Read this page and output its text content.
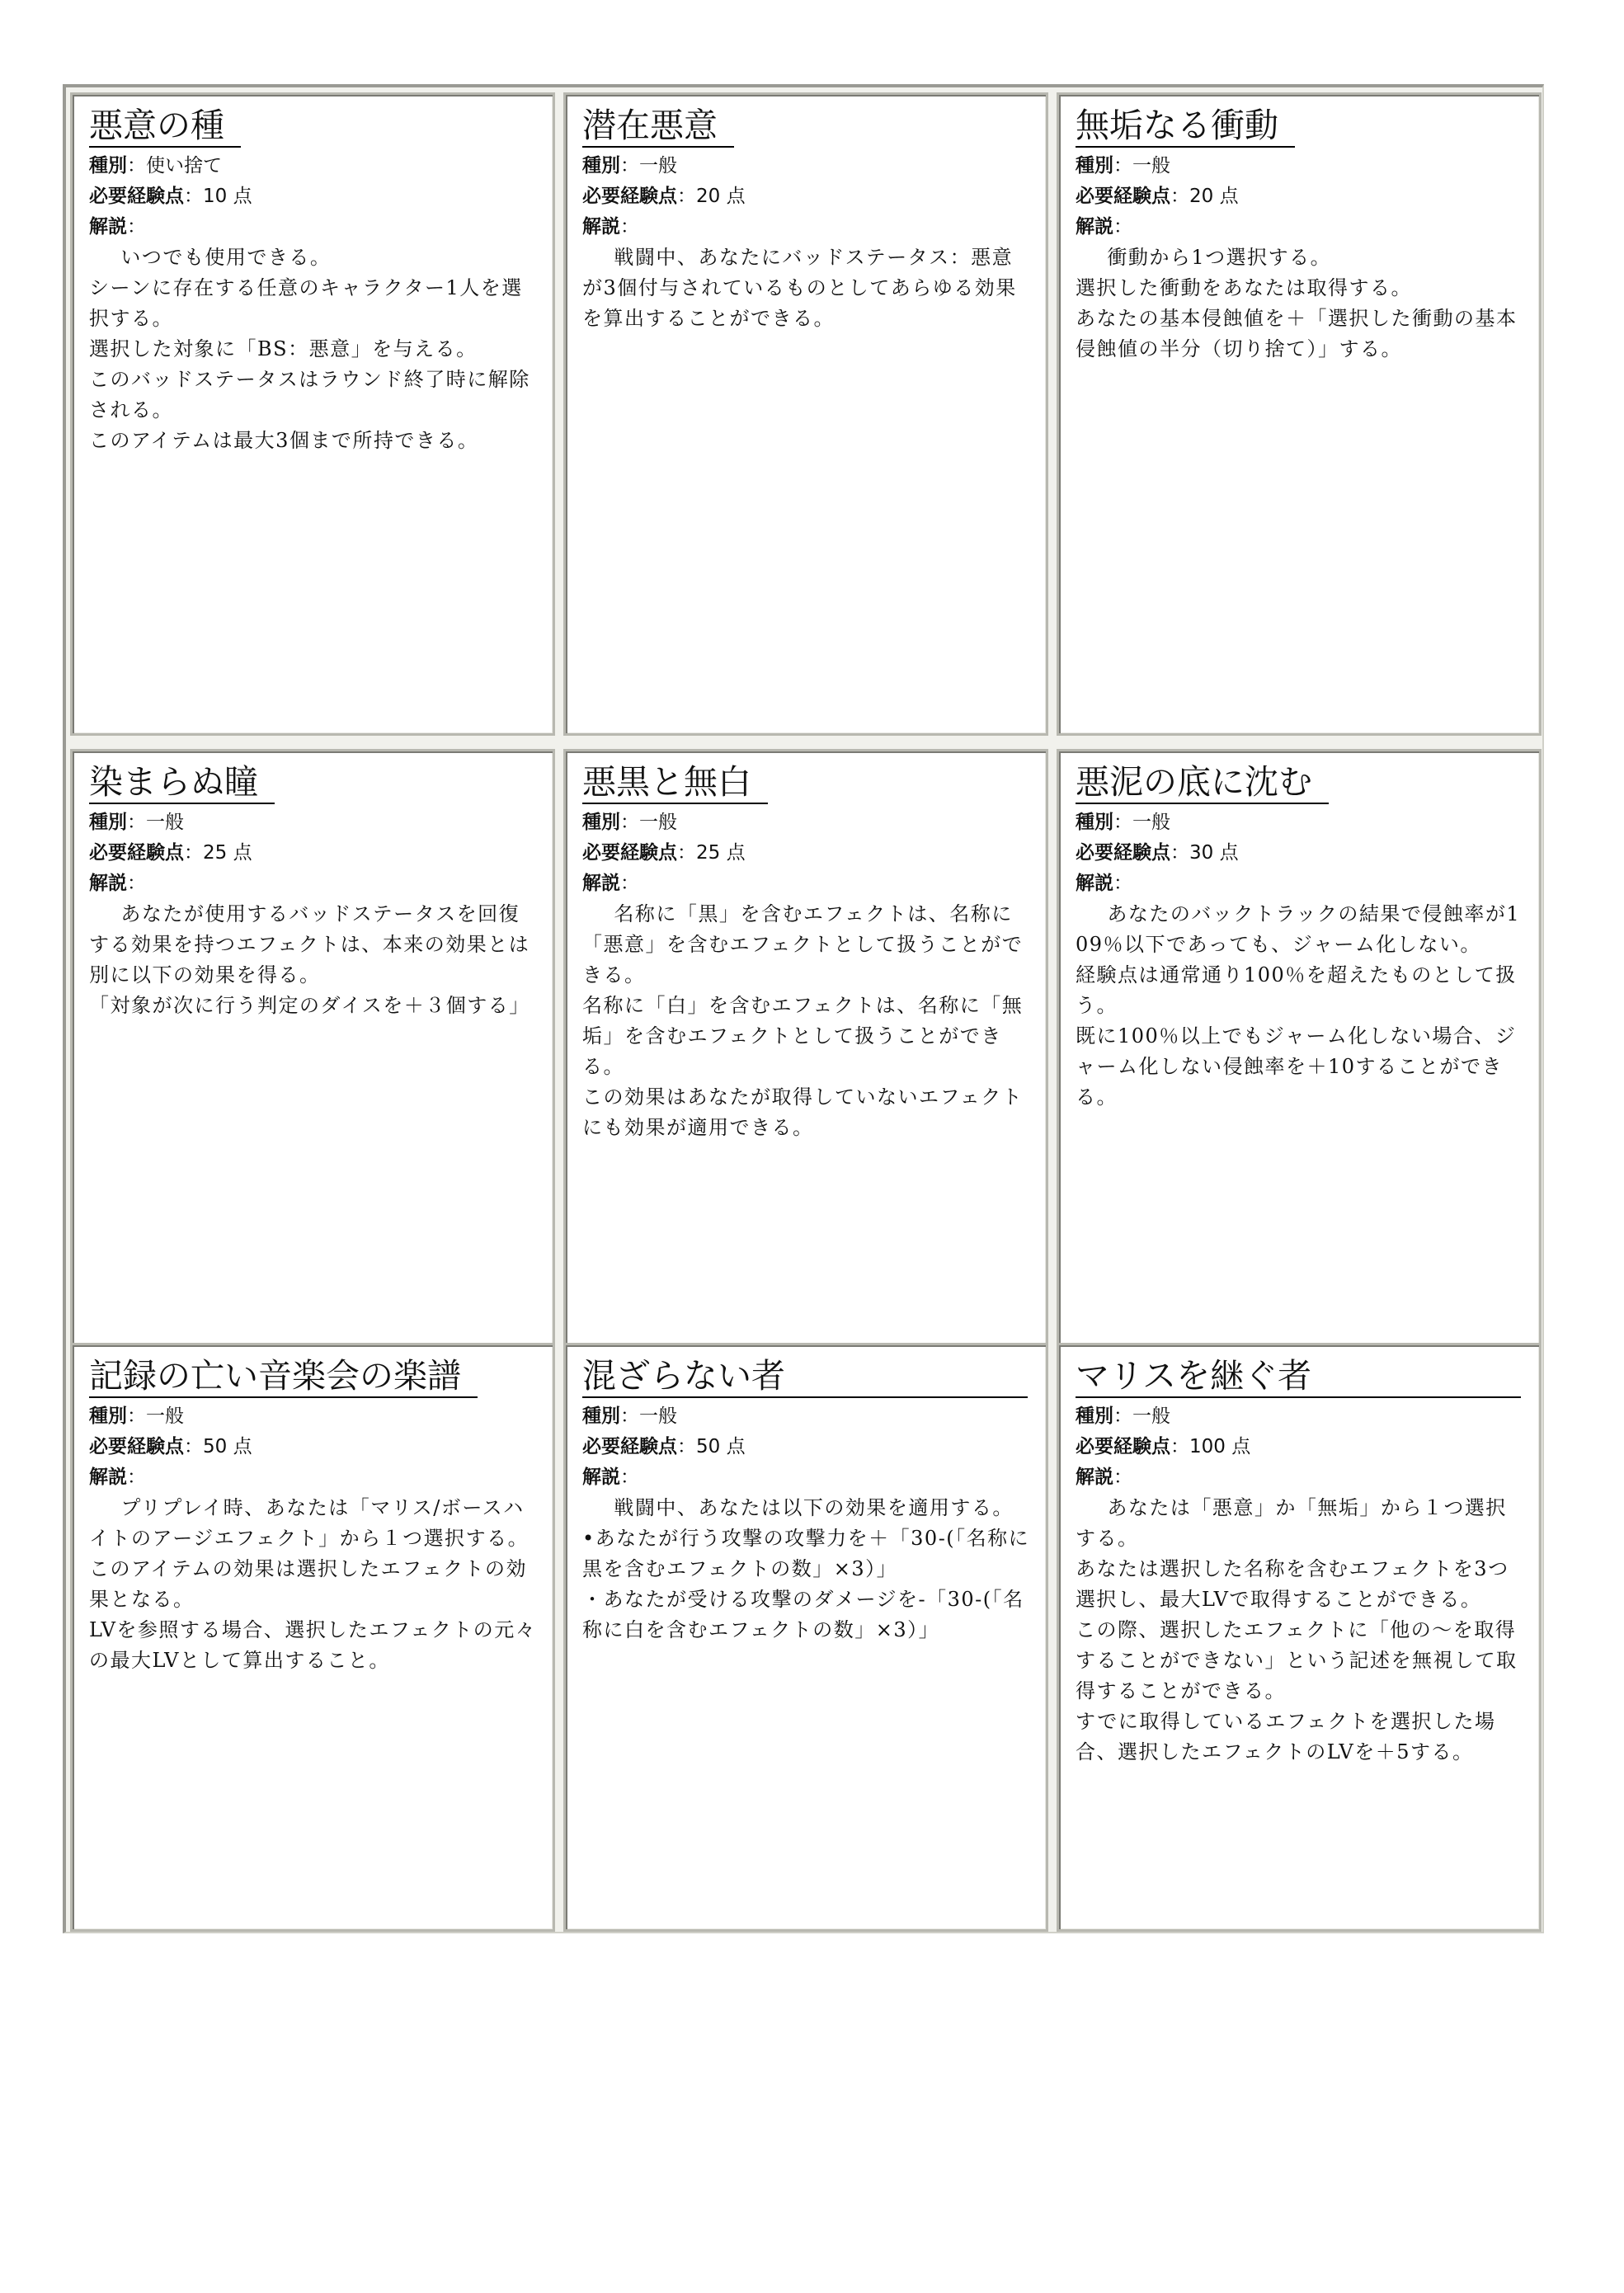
悪意の種
種別：使い捨て
必要経験点：10 点
解説：

いつでも使用できる。

シーンに存在する任意のキャラクター1人を選択する。

選択した対象に「BS：悪意」を与える。

このバッドステータスはラウンド終了時に解除される。

このアイテムは最大3個まで所持できる。

潜在悪意
種別：一般
必要経験点：20 点
解説：

戦闘中、あなたにバッドステータス：悪意が3個付与されているものとしてあらゆる効果を算出することができる。

無垢なる衝動
種別：一般
必要経験点：20 点
解説：

衝動から1つ選択する。

選択した衝動をあなたは取得する。

あなたの基本侵蝕値を＋「選択した衝動の基本侵蝕値の半分（切り捨て）」する。

染まらぬ瞳
種別：一般
必要経験点：25 点
解説：

あなたが使用するバッドステータスを回復する効果を持つエフェクトは、本来の効果とは別に以下の効果を得る。

「対象が次に行う判定のダイスを＋３個する」

悪黒と無白
種別：一般
必要経験点：25 点
解説：

名称に「黒」を含むエフェクトは、名称に「悪意」を含むエフェクトとして扱うことができる。

名称に「白」を含むエフェクトは、名称に「無垢」を含むエフェクトとして扱うことができる。

この効果はあなたが取得していないエフェクトにも効果が適用できる。

悪泥の底に沈む
種別：一般
必要経験点：30 点
解説：

あなたのバックトラックの結果で侵蝕率が109％以下であっても、ジャーム化しない。

経験点は通常通り100％を超えたものとして扱う。

既に100％以上でもジャーム化しない場合、ジャーム化しない侵蝕率を＋10することができる。

記録の亡い音楽会の楽譜
種別：一般
必要経験点：50 点
解説：

プリプレイ時、あなたは「マリス/ボースハイトのアージエフェクト」から１つ選択する。

このアイテムの効果は選択したエフェクトの効果となる。

LVを参照する場合、選択したエフェクトの元々の最大LVとして算出すること。

混ざらない者
種別：一般
必要経験点：50 点
解説：

戦闘中、あなたは以下の効果を適用する。

•あなたが行う攻撃の攻撃力を＋「30-(「名称に黒を含むエフェクトの数」×3）」

・あなたが受ける攻撃のダメージを-「30-(「名称に白を含むエフェクトの数」×3）」

マリスを継ぐ者
種別：一般
必要経験点：100 点
解説：

あなたは「悪意」か「無垢」から１つ選択する。

あなたは選択した名称を含むエフェクトを3つ選択し、最大LVで取得することができる。

この際、選択したエフェクトに「他の～を取得することができない」という記述を無視して取得することができる。

すでに取得しているエフェクトを選択した場合、選択したエフェクトのLVを＋5する。
